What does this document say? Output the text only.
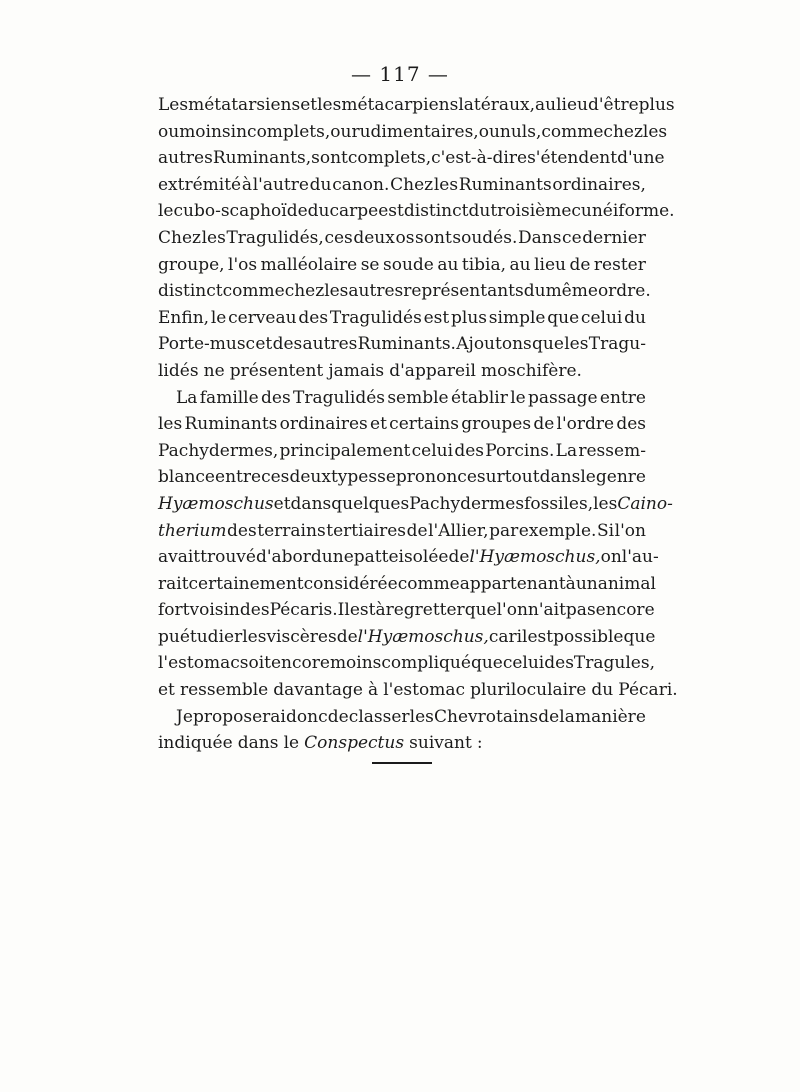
— 117 —
Les métatarsiens et les métacarpiens latéraux, au lieu d'être plus
ou moins incomplets, ou rudimentaires, ou nuls, comme chez les
autres Ruminants, sont complets, c'est-à-dire s'étendent d'une
extrémité à l'autre du canon. Chez les Ruminants ordinaires,
le cubo-scaphoïde du carpe est distinct du troisième cunéiforme.
Chez les Tragulidés, ces deux os sont soudés. Dans ce dernier
groupe, l'os malléolaire se soude au tibia, au lieu de rester
distinct comme chez les autres représentants du même ordre.
Enfin, le cerveau des Tragulidés est plus simple que celui du
Porte-musc et des autres Ruminants. Ajoutons que les Tragu-
lidés ne présentent jamais d'appareil moschifère.
La famille des Tragulidés semble établir le passage entre
les Ruminants ordinaires et certains groupes de l'ordre des
Pachydermes, principalement celui des Porcins. La ressem-
blance entre ces deux types se prononce surtout dans le genre
Hyæmoschus et dans quelques Pachydermes fossiles, les Caino-
therium des terrains tertiaires de l'Allier, par exemple. Si l'on
avait trouvé d'abord une patte isolée de l'Hyæmoschus, on l'au-
rait certainement considérée comme appartenant à un animal
fort voisin des Pécaris. Il est à regretter que l'on n'ait pas encore
pu étudier les viscères de l'Hyæmoschus, car il est possible que
l'estomac soit encore moins compliqué que celui des Tragules,
et ressemble davantage à l'estomac pluriloculaire du Pécari.
Je proposerai donc de classer les Chevrotains de la manière
indiquée dans le Conspectus suivant :
